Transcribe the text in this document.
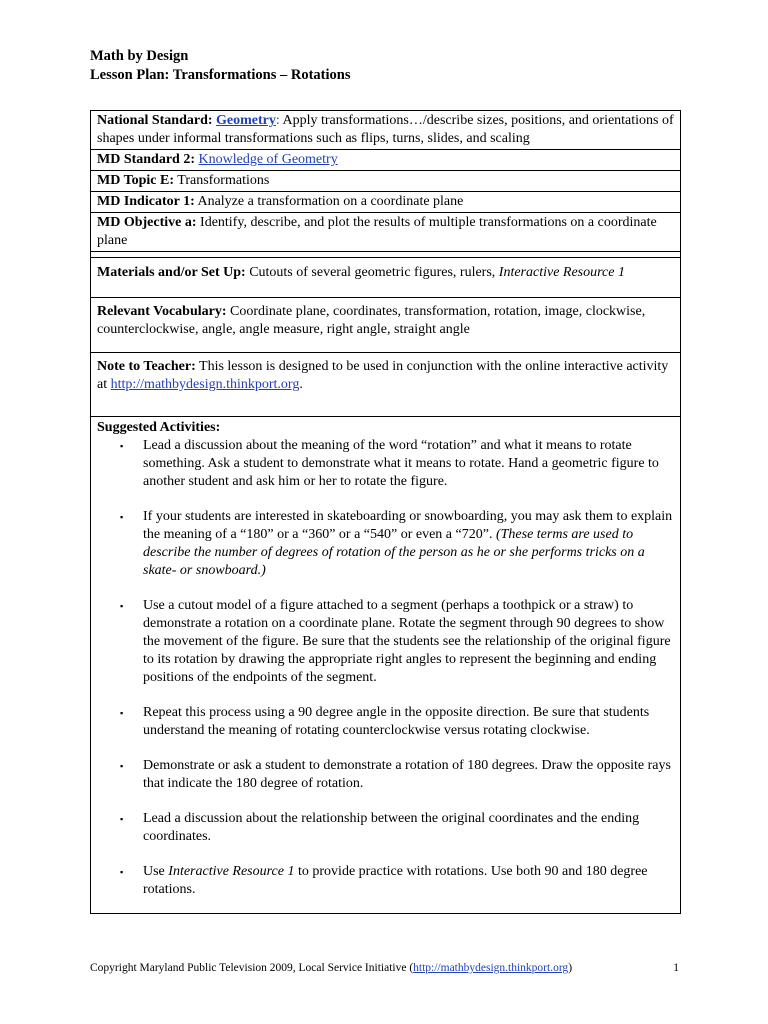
Math by Design
Lesson Plan: Transformations – Rotations
National Standard: Geometry: Apply transformations…/describe sizes, positions, and orientations of shapes under informal transformations such as flips, turns, slides, and scaling
MD Standard 2: Knowledge of Geometry
MD Topic E: Transformations
MD Indicator 1: Analyze a transformation on a coordinate plane
MD Objective a: Identify, describe, and plot the results of multiple transformations on a coordinate plane
Materials and/or Set Up: Cutouts of several geometric figures, rulers, Interactive Resource 1
Relevant Vocabulary: Coordinate plane, coordinates, transformation, rotation, image, clockwise, counterclockwise, angle, angle measure, right angle, straight angle
Note to Teacher: This lesson is designed to be used in conjunction with the online interactive activity at http://mathbydesign.thinkport.org.
Suggested Activities:
▪ Lead a discussion about the meaning of the word “rotation” and what it means to rotate something. Ask a student to demonstrate what it means to rotate. Hand a geometric figure to another student and ask him or her to rotate the figure.
▪ If your students are interested in skateboarding or snowboarding, you may ask them to explain the meaning of a “180” or a “360” or a “540” or even a “720”. (These terms are used to describe the number of degrees of rotation of the person as he or she performs tricks on a skate- or snowboard.)
▪ Use a cutout model of a figure attached to a segment (perhaps a toothpick or a straw) to demonstrate a rotation on a coordinate plane. Rotate the segment through 90 degrees to show the movement of the figure. Be sure that the students see the relationship of the original figure to its rotation by drawing the appropriate right angles to represent the beginning and ending positions of the endpoints of the segment.
▪ Repeat this process using a 90 degree angle in the opposite direction. Be sure that students understand the meaning of rotating counterclockwise versus rotating clockwise.
▪ Demonstrate or ask a student to demonstrate a rotation of 180 degrees. Draw the opposite rays that indicate the 180 degree of rotation.
▪ Lead a discussion about the relationship between the original coordinates and the ending coordinates.
▪ Use Interactive Resource 1 to provide practice with rotations. Use both 90 and 180 degree rotations.
Copyright Maryland Public Television 2009, Local Service Initiative (http://mathbydesign.thinkport.org)	1
